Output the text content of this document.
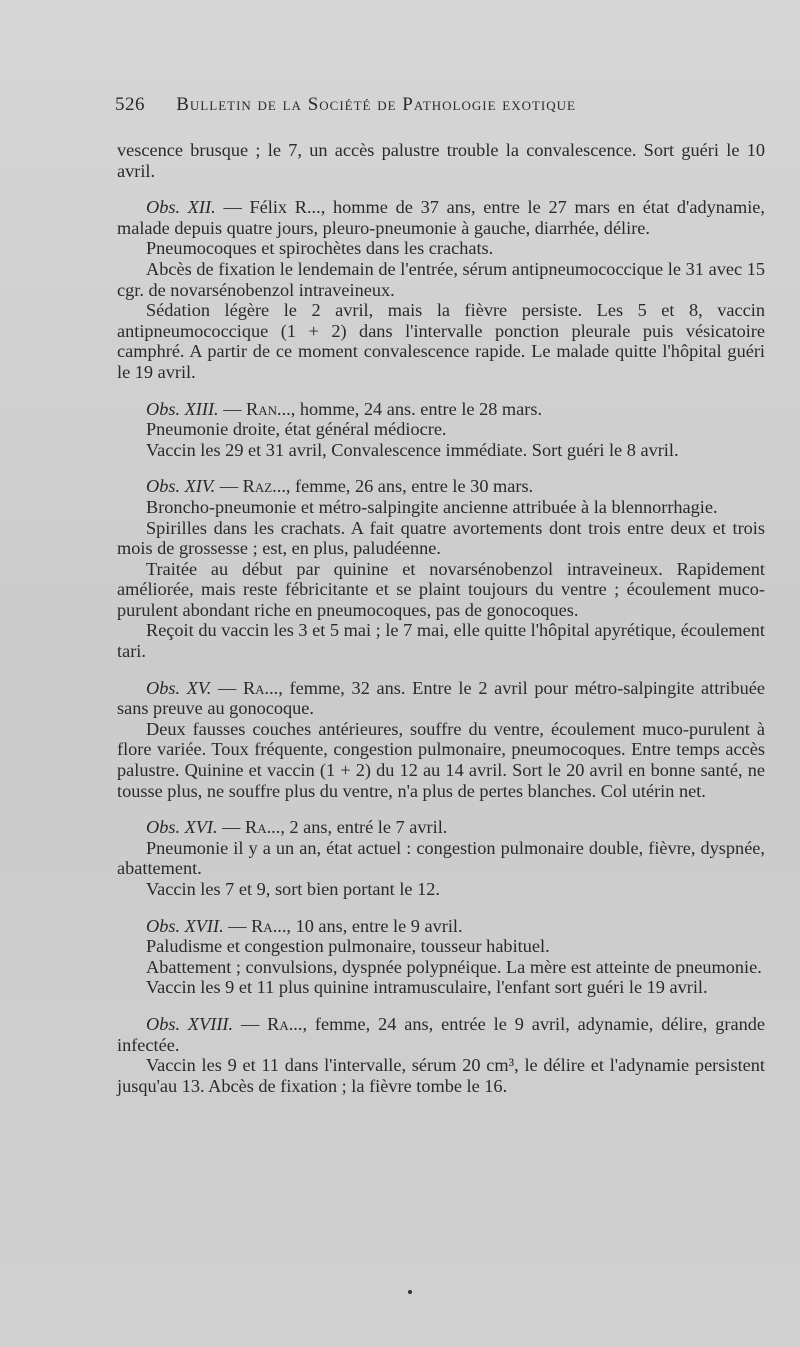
526 Bulletin de la Société de Pathologie exotique

vescence brusque ; le 7, un accès palustre trouble la convalescence. Sort guéri le 10 avril.

Obs. XII. — Félix R..., homme de 37 ans, entre le 27 mars en état d'adynamie, malade depuis quatre jours, pleuro-pneumonie à gauche, diarrhée, délire.

Pneumocoques et spirochètes dans les crachats.

Abcès de fixation le lendemain de l'entrée, sérum antipneumococcique le 31 avec 15 cgr. de novarsénobenzol intraveineux.

Sédation légère le 2 avril, mais la fièvre persiste. Les 5 et 8, vaccin antipneumococcique (1 + 2) dans l'intervalle ponction pleurale puis vésicatoire camphré. A partir de ce moment convalescence rapide. Le malade quitte l'hôpital guéri le 19 avril.

Obs. XIII. — Ran..., homme, 24 ans. entre le 28 mars.

Pneumonie droite, état général médiocre.

Vaccin les 29 et 31 avril, Convalescence immédiate. Sort guéri le 8 avril.

Obs. XIV. — Raz..., femme, 26 ans, entre le 30 mars.

Broncho-pneumonie et métro-salpingite ancienne attribuée à la blennorrhagie.

Spirilles dans les crachats. A fait quatre avortements dont trois entre deux et trois mois de grossesse ; est, en plus, paludéenne.

Traitée au début par quinine et novarsénobenzol intraveineux. Rapidement améliorée, mais reste fébricitante et se plaint toujours du ventre ; écoulement muco-purulent abondant riche en pneumocoques, pas de gonocoques.

Reçoit du vaccin les 3 et 5 mai ; le 7 mai, elle quitte l'hôpital apyrétique, écoulement tari.

Obs. XV. — Ra..., femme, 32 ans. Entre le 2 avril pour métro-salpingite attribuée sans preuve au gonocoque.

Deux fausses couches antérieures, souffre du ventre, écoulement muco-purulent à flore variée. Toux fréquente, congestion pulmonaire, pneumocoques. Entre temps accès palustre. Quinine et vaccin (1 + 2) du 12 au 14 avril. Sort le 20 avril en bonne santé, ne tousse plus, ne souffre plus du ventre, n'a plus de pertes blanches. Col utérin net.

Obs. XVI. — Ra..., 2 ans, entré le 7 avril.

Pneumonie il y a un an, état actuel : congestion pulmonaire double, fièvre, dyspnée, abattement.

Vaccin les 7 et 9, sort bien portant le 12.

Obs. XVII. — Ra..., 10 ans, entre le 9 avril.

Paludisme et congestion pulmonaire, tousseur habituel.

Abattement ; convulsions, dyspnée polypnéique. La mère est atteinte de pneumonie.

Vaccin les 9 et 11 plus quinine intramusculaire, l'enfant sort guéri le 19 avril.

Obs. XVIII. — Ra..., femme, 24 ans, entrée le 9 avril, adynamie, délire, grande infectée.

Vaccin les 9 et 11 dans l'intervalle, sérum 20 cm³, le délire et l'adynamie persistent jusqu'au 13. Abcès de fixation ; la fièvre tombe le 16.
